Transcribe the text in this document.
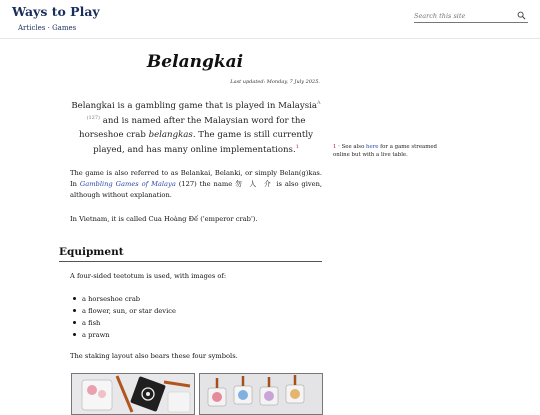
Ways to Play
Articles · Games
Search this site
Belangkai
Last updated: Monday, 7 July 2025.

Belangkai is a gambling game that is played in Malaysia$^{A (127)}$ and is named after the Malaysian word for the horseshoe crab belangkas. The game is still currently played, and has many online implementations.$^1$

The game is also referred to as Belankai, Belanki, or simply Belan(g)kas. In Gambling Games of Malaya (127) the name 勿 人 介 is also given, although without explanation.

In Vietnam, it is called Cua Hoàng Đế ('emperor crab').

1 · See also here for a game streamed online but with a live table.
Equipment

A four-sided teetotum is used, with images of:

a horseshoe crab
a flower, sun, or star device
a fish
a prawn

The staking layout also bears these four symbols.
